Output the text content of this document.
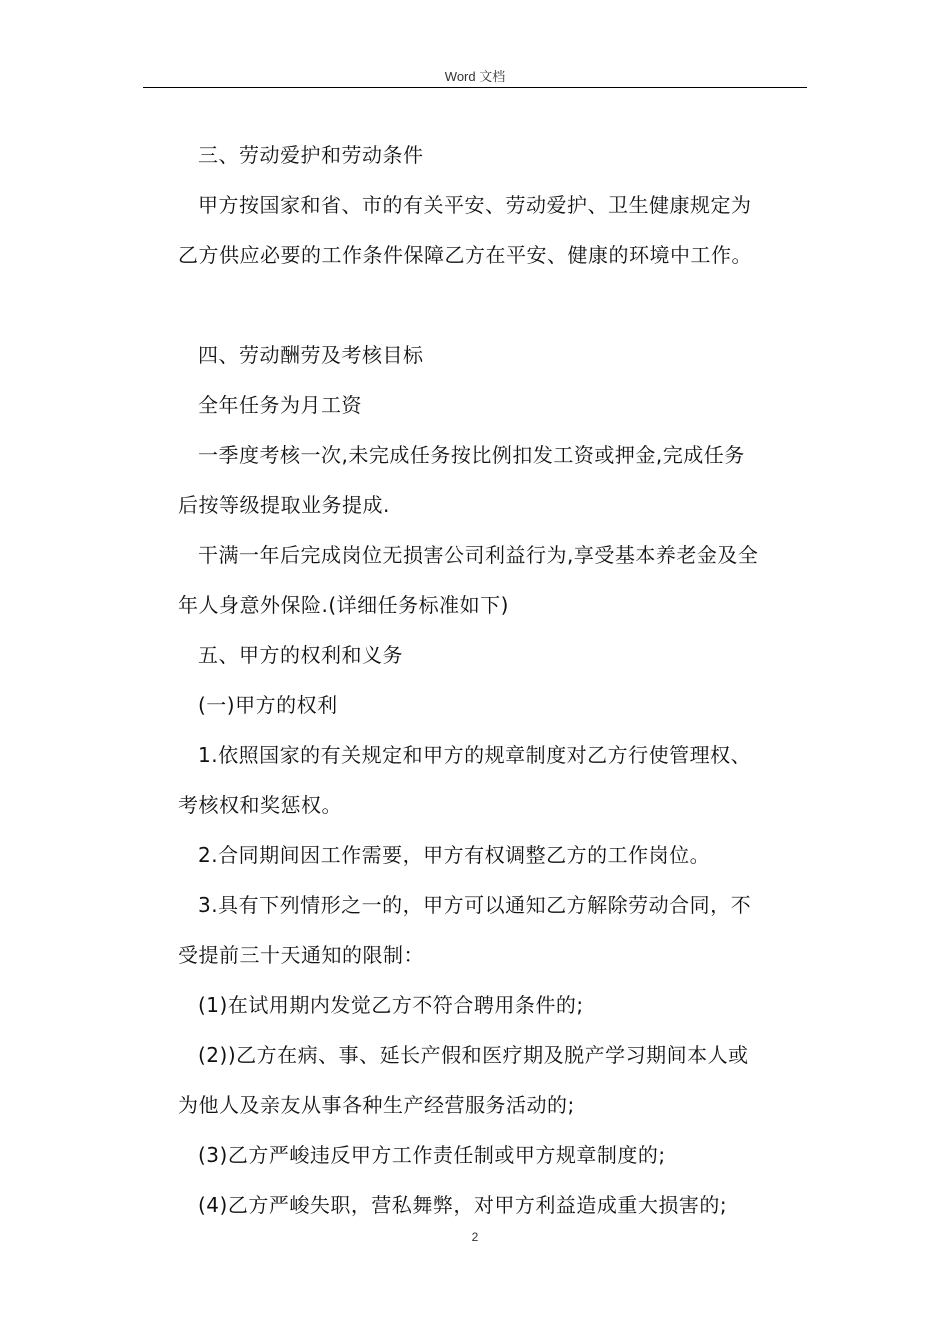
Word 文档

三、劳动爱护和劳动条件

甲方按国家和省、市的有关平安、劳动爱护、卫生健康规定为

乙方供应必要的工作条件保障乙方在平安、健康的环境中工作。

四、劳动酬劳及考核目标

全年任务为月工资

一季度考核一次,未完成任务按比例扣发工资或押金,完成任务

后按等级提取业务提成.

干满一年后完成岗位无损害公司利益行为,享受基本养老金及全

年人身意外保险.(详细任务标准如下)

五、甲方的权利和义务

(一)甲方的权利

1.依照国家的有关规定和甲方的规章制度对乙方行使管理权、

考核权和奖惩权。

2.合同期间因工作需要，甲方有权调整乙方的工作岗位。

3.具有下列情形之一的，甲方可以通知乙方解除劳动合同，不

受提前三十天通知的限制：

(1)在试用期内发觉乙方不符合聘用条件的;

(2))乙方在病、事、延长产假和医疗期及脱产学习期间本人或

为他人及亲友从事各种生产经营服务活动的;

(3)乙方严峻违反甲方工作责任制或甲方规章制度的;

(4)乙方严峻失职，营私舞弊，对甲方利益造成重大损害的;

2
